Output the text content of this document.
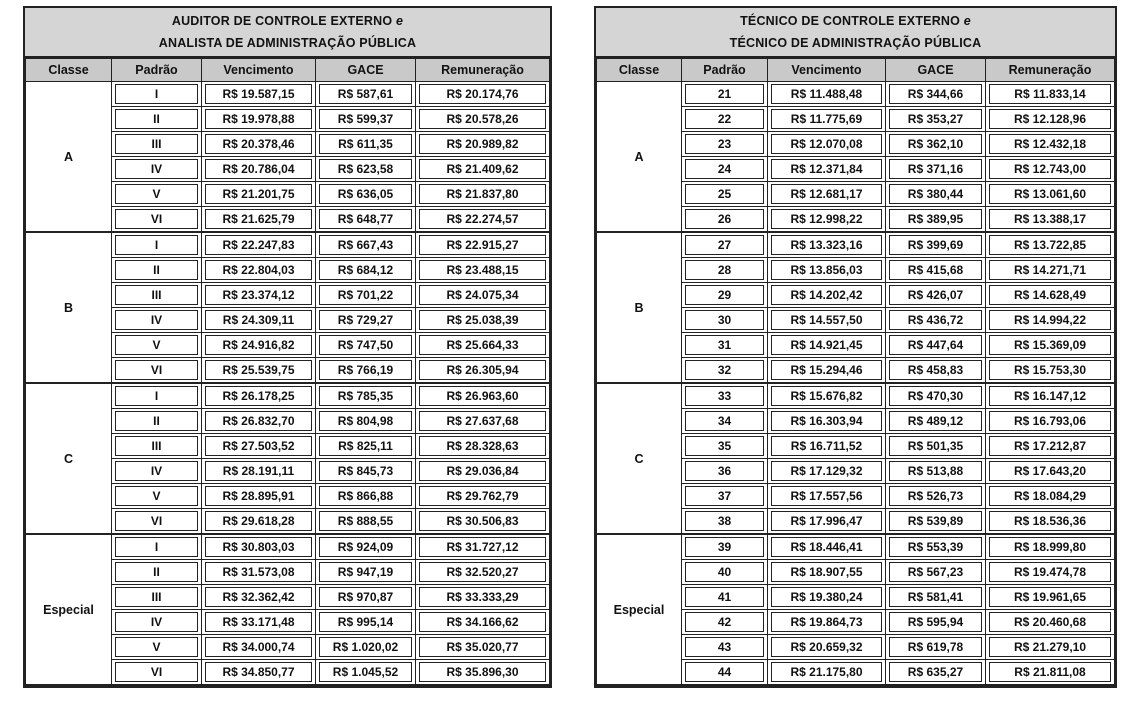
AUDITOR DE CONTROLE EXTERNO e
ANALISTA DE ADMINISTRAÇÃO PÚBLICA
Classe	Padrão	Vencimento	GACE	Remuneração
A	I	R$ 19.587,15	R$ 587,61	R$ 20.174,76

	II	R$ 19.978,88	R$ 599,37	R$ 20.578,26

	III	R$ 20.378,46	R$ 611,35	R$ 20.989,82

	IV	R$ 20.786,04	R$ 623,58	R$ 21.409,62

	V	R$ 21.201,75	R$ 636,05	R$ 21.837,80

	VI	R$ 21.625,79	R$ 648,77	R$ 22.274,57

B	I	R$ 22.247,83	R$ 667,43	R$ 22.915,27

	II	R$ 22.804,03	R$ 684,12	R$ 23.488,15

	III	R$ 23.374,12	R$ 701,22	R$ 24.075,34

	IV	R$ 24.309,11	R$ 729,27	R$ 25.038,39

	V	R$ 24.916,82	R$ 747,50	R$ 25.664,33

	VI	R$ 25.539,75	R$ 766,19	R$ 26.305,94

C	I	R$ 26.178,25	R$ 785,35	R$ 26.963,60

	II	R$ 26.832,70	R$ 804,98	R$ 27.637,68

	III	R$ 27.503,52	R$ 825,11	R$ 28.328,63

	IV	R$ 28.191,11	R$ 845,73	R$ 29.036,84

	V	R$ 28.895,91	R$ 866,88	R$ 29.762,79

	VI	R$ 29.618,28	R$ 888,55	R$ 30.506,83

Especial	I	R$ 30.803,03	R$ 924,09	R$ 31.727,12

	II	R$ 31.573,08	R$ 947,19	R$ 32.520,27

	III	R$ 32.362,42	R$ 970,87	R$ 33.333,29

	IV	R$ 33.171,48	R$ 995,14	R$ 34.166,62

	V	R$ 34.000,74	R$ 1.020,02	R$ 35.020,77

	VI	R$ 34.850,77	R$ 1.045,52	R$ 35.896,30
TÉCNICO DE CONTROLE EXTERNO e
TÉCNICO DE ADMINISTRAÇÃO PÚBLICA
Classe	Padrão	Vencimento	GACE	Remuneração
A	21	R$ 11.488,48	R$ 344,66	R$ 11.833,14

	22	R$ 11.775,69	R$ 353,27	R$ 12.128,96

	23	R$ 12.070,08	R$ 362,10	R$ 12.432,18

	24	R$ 12.371,84	R$ 371,16	R$ 12.743,00

	25	R$ 12.681,17	R$ 380,44	R$ 13.061,60

	26	R$ 12.998,22	R$ 389,95	R$ 13.388,17

B	27	R$ 13.323,16	R$ 399,69	R$ 13.722,85

	28	R$ 13.856,03	R$ 415,68	R$ 14.271,71

	29	R$ 14.202,42	R$ 426,07	R$ 14.628,49

	30	R$ 14.557,50	R$ 436,72	R$ 14.994,22

	31	R$ 14.921,45	R$ 447,64	R$ 15.369,09

	32	R$ 15.294,46	R$ 458,83	R$ 15.753,30

C	33	R$ 15.676,82	R$ 470,30	R$ 16.147,12

	34	R$ 16.303,94	R$ 489,12	R$ 16.793,06

	35	R$ 16.711,52	R$ 501,35	R$ 17.212,87

	36	R$ 17.129,32	R$ 513,88	R$ 17.643,20

	37	R$ 17.557,56	R$ 526,73	R$ 18.084,29

	38	R$ 17.996,47	R$ 539,89	R$ 18.536,36

Especial	39	R$ 18.446,41	R$ 553,39	R$ 18.999,80

	40	R$ 18.907,55	R$ 567,23	R$ 19.474,78

	41	R$ 19.380,24	R$ 581,41	R$ 19.961,65

	42	R$ 19.864,73	R$ 595,94	R$ 20.460,68

	43	R$ 20.659,32	R$ 619,78	R$ 21.279,10

	44	R$ 21.175,80	R$ 635,27	R$ 21.811,08
